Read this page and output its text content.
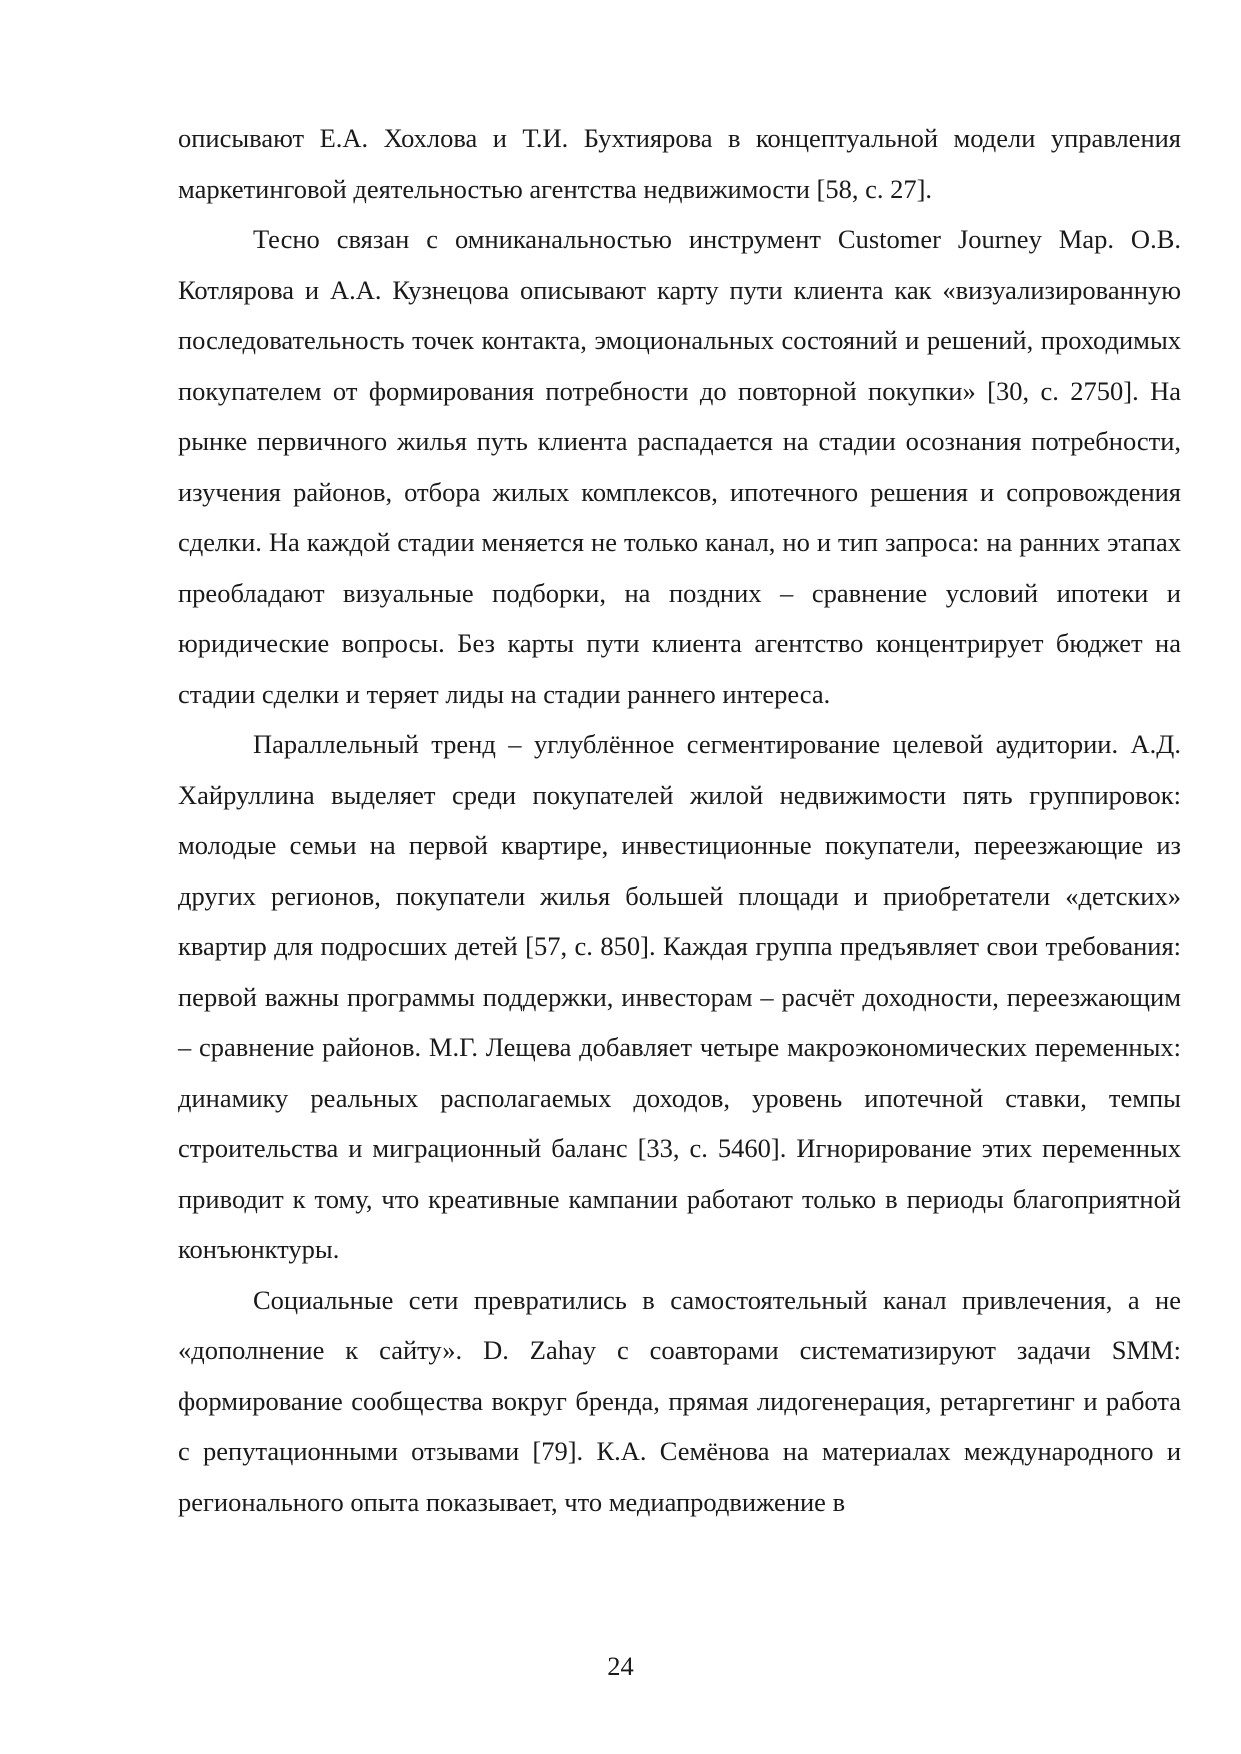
описывают Е.А. Хохлова и Т.И. Бухтиярова в концептуальной модели управления маркетинговой деятельностью агентства недвижимости [58, с. 27].

Тесно связан с омниканальностью инструмент Customer Journey Map. О.В. Котлярова и А.А. Кузнецова описывают карту пути клиента как «визуализированную последовательность точек контакта, эмоциональных состояний и решений, проходимых покупателем от формирования потребности до повторной покупки» [30, с. 2750]. На рынке первичного жилья путь клиента распадается на стадии осознания потребности, изучения районов, отбора жилых комплексов, ипотечного решения и сопровождения сделки. На каждой стадии меняется не только канал, но и тип запроса: на ранних этапах преобладают визуальные подборки, на поздних – сравнение условий ипотеки и юридические вопросы. Без карты пути клиента агентство концентрирует бюджет на стадии сделки и теряет лиды на стадии раннего интереса.

Параллельный тренд – углублённое сегментирование целевой аудитории. А.Д. Хайруллина выделяет среди покупателей жилой недвижимости пять группировок: молодые семьи на первой квартире, инвестиционные покупатели, переезжающие из других регионов, покупатели жилья большей площади и приобретатели «детских» квартир для подросших детей [57, с. 850]. Каждая группа предъявляет свои требования: первой важны программы поддержки, инвесторам – расчёт доходности, переезжающим – сравнение районов. М.Г. Лещева добавляет четыре макроэкономических переменных: динамику реальных располагаемых доходов, уровень ипотечной ставки, темпы строительства и миграционный баланс [33, с. 5460]. Игнорирование этих переменных приводит к тому, что креативные кампании работают только в периоды благоприятной конъюнктуры.

Социальные сети превратились в самостоятельный канал привлечения, а не «дополнение к сайту». D. Zahay с соавторами систематизируют задачи SMM: формирование сообщества вокруг бренда, прямая лидогенерация, ретаргетинг и работа с репутационными отзывами [79]. К.А. Семёнова на материалах международного и регионального опыта показывает, что медиапродвижение в

24
